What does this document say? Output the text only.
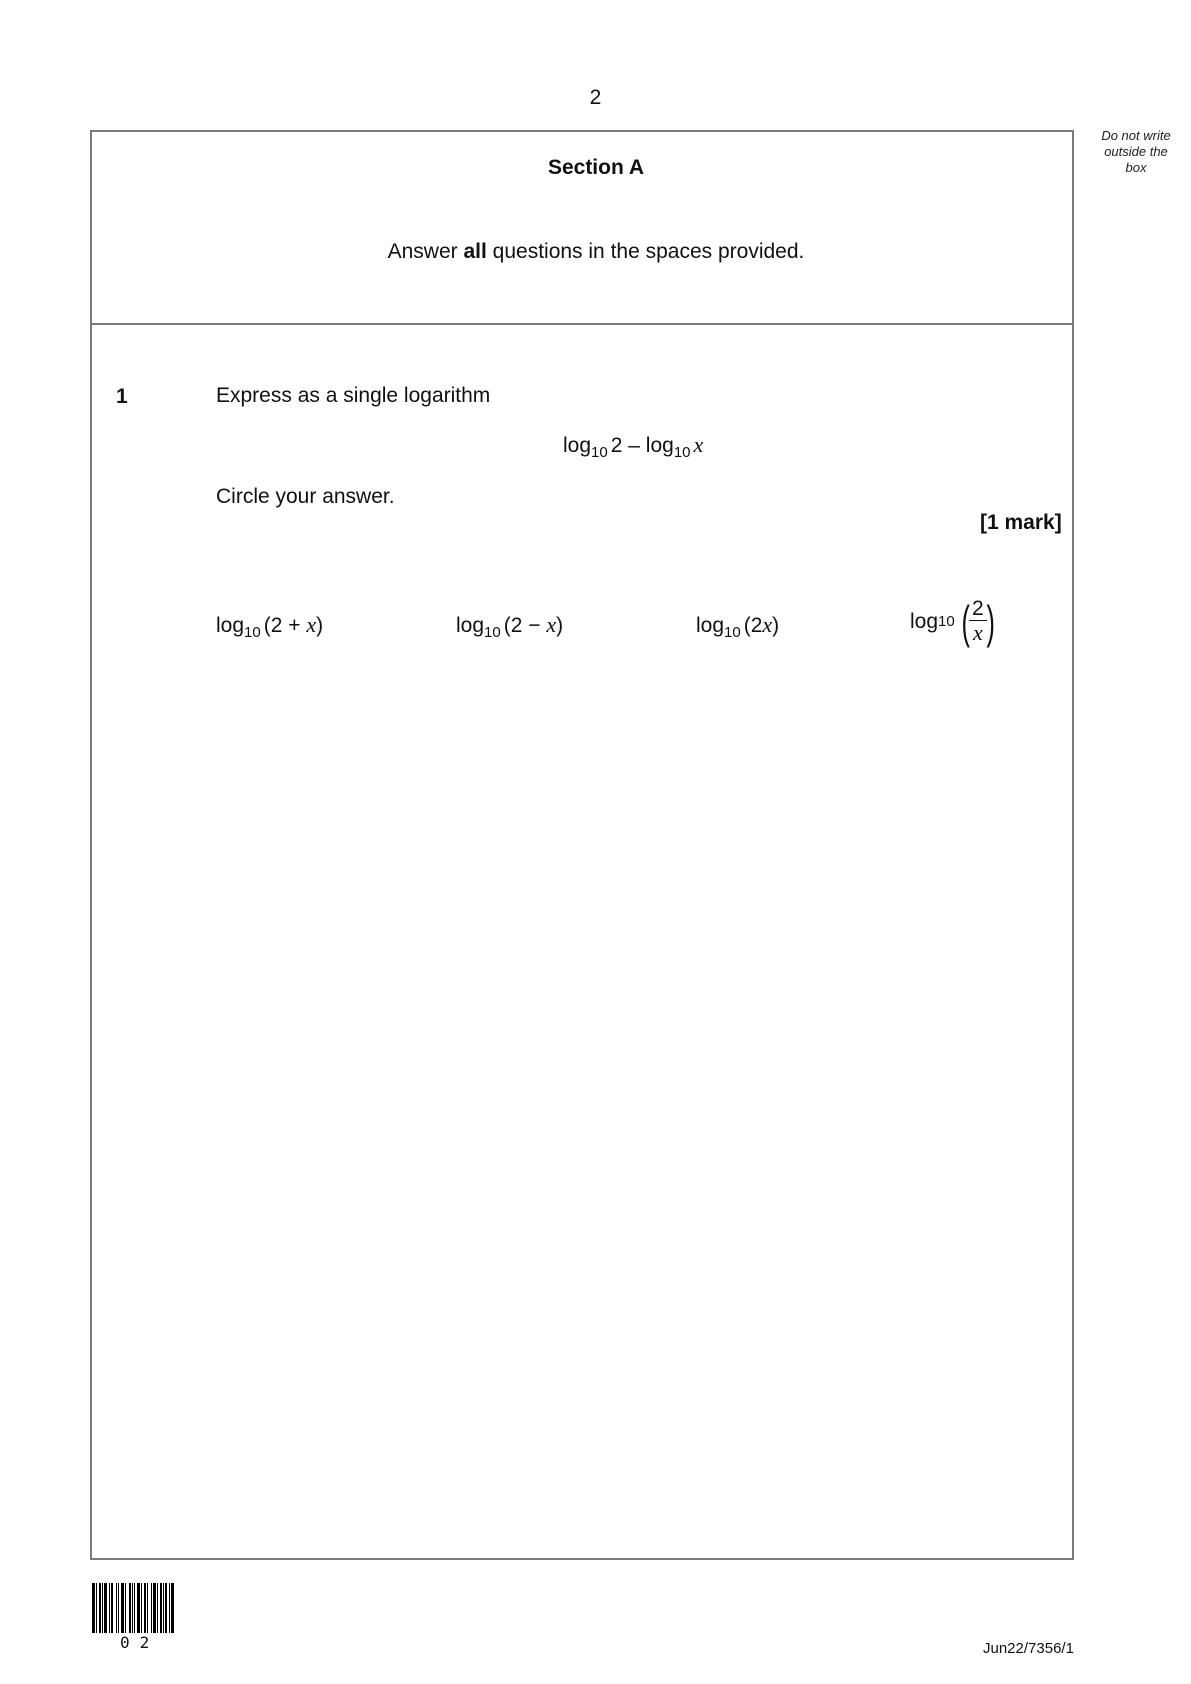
2
Do not write
outside the
box
Section A
Answer all questions in the spaces provided.
1	Express as a single logarithm
$\log_{10} 2 - \log_{10} x$
Circle your answer.
[1 mark]
$\log_{10} (2 + x)$	$\log_{10} (2 - x)$	$\log_{10} (2x)$	log 10 ( $\frac{2}{x}$ )
02	Jun22/7356/1
